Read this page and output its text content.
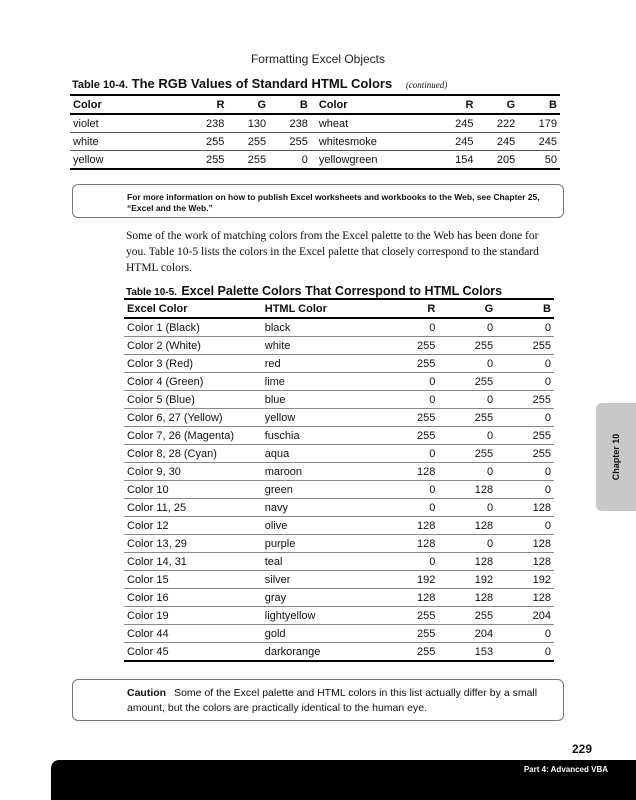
Formatting Excel Objects
Table 10-4. The RGB Values of Standard HTML Colors (continued)
Color	R	G	B	Color	R	G	B
violet	238	130	238	wheat	245	222	179
white	255	255	255	whitesmoke	245	245	245
yellow	255	255	0	yellowgreen	154	205	50
For more information on how to publish Excel worksheets and workbooks to the Web, see Chapter 25, “Excel and the Web.”
Some of the work of matching colors from the Excel palette to the Web has been done for you. Table 10-5 lists the colors in the Excel palette that closely correspond to the standard HTML colors.
Table 10-5. Excel Palette Colors That Correspond to HTML Colors
Excel Color	HTML Color	R	G	B
Color 1 (Black)	black	0	0	0
Color 2 (White)	white	255	255	255
Color 3 (Red)	red	255	0	0
Color 4 (Green)	lime	0	255	0
Color 5 (Blue)	blue	0	0	255
Color 6, 27 (Yellow)	yellow	255	255	0
Color 7, 26 (Magenta)	fuschia	255	0	255
Color 8, 28 (Cyan)	aqua	0	255	255
Color 9, 30	maroon	128	0	0
Color 10	green	0	128	0
Color 11, 25	navy	0	0	128
Color 12	olive	128	128	0
Color 13, 29	purple	128	0	128
Color 14, 31	teal	0	128	128
Color 15	silver	192	192	192
Color 16	gray	128	128	128
Color 19	lightyellow	255	255	204
Color 44	gold	255	204	0
Color 45	darkorange	255	153	0
Caution Some of the Excel palette and HTML colors in this list actually differ by a small amount, but the colors are practically identical to the human eye.
Chapter 10
229
Part 4: Advanced VBA
